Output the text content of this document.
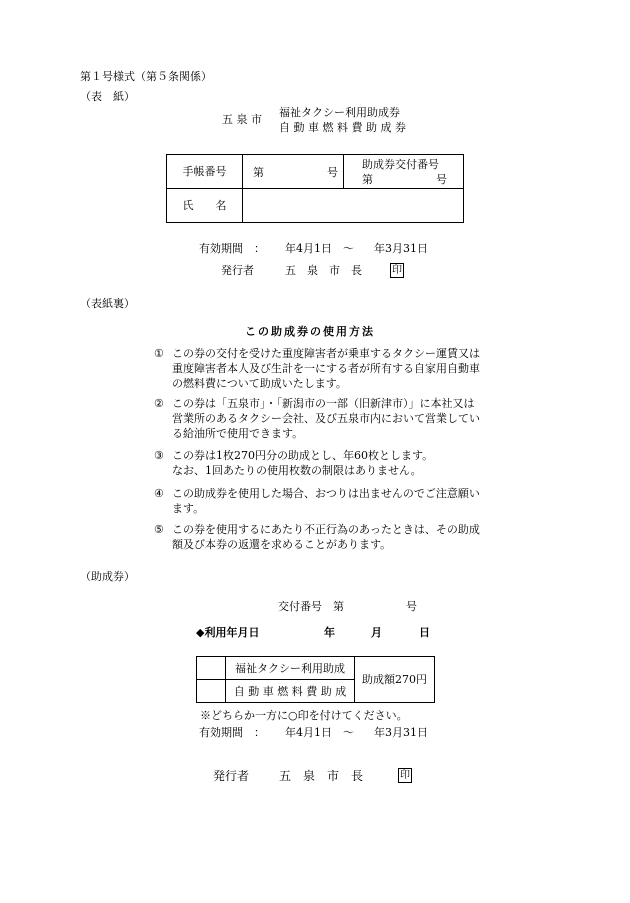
第１号様式（第５条関係）
（表　紙）
五 泉 市
福祉タクシー利用助成券
自 動 車 燃 料 費 助 成 券
手帳番号	第 号	助成券交付番号
第 号

氏　　名		
有効期間　： 年4月1日 ～ 年3月31日
発行者	五　泉　市　長	印
（表紙裏）
この助成券の使用方法
① この券の交付を受けた重度障害者が乗車するタクシー運賃又は重度障害者本人及び生計を一にする者が所有する自家用自動車の燃料費について助成いたします。
② この券は「五泉市」・「新潟市の一部（旧新津市）」に本社又は営業所のあるタクシー会社、及び五泉市内において営業している給油所で使用できます。
③ この券は1枚270円分の助成とし、年60枚とします。
なお、1回あたりの使用枚数の制限はありません。
④ この助成券を使用した場合、おつりは出ませんのでご注意願います。
⑤ この券を使用するにあたり不正行為のあったときは、その助成額及び本券の返還を求めることがあります。
（助成券）
交付番号　第	号
◆利用年月日	年	月	日
	福祉タクシー利用助成	助成額270円
	自 動 車 燃 料 費 助 成	
※どちらか一方に○印を付けてください。
有効期間　： 年4月1日 ～ 年3月31日
発行者 五　泉　市　長	印
